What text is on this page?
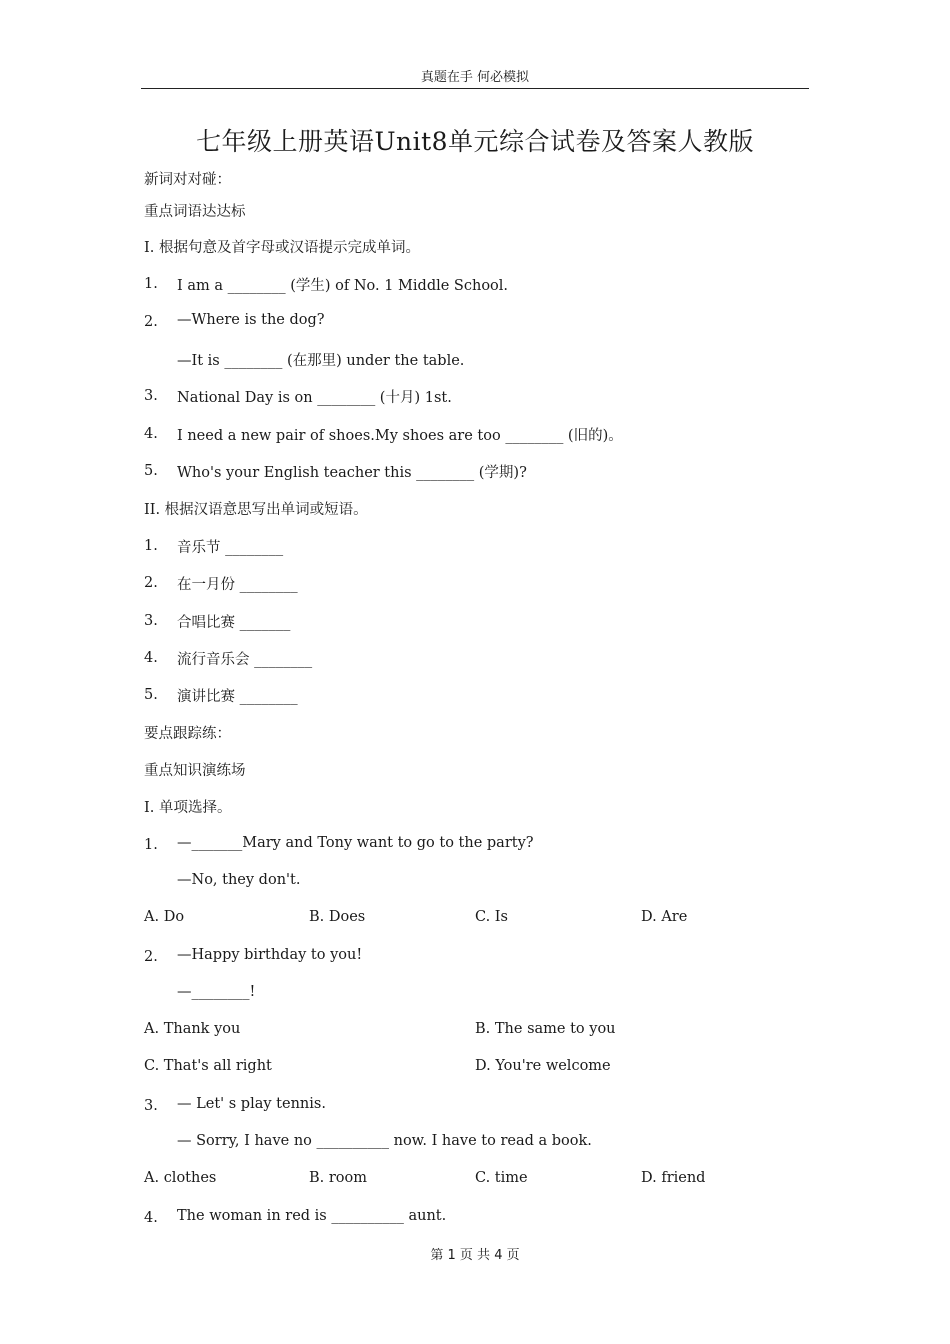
真题在手 何必模拟
七年级上册英语Unit8单元综合试卷及答案人教版
新词对对碰：
重点词语达达标
I. 根据句意及首字母或汉语提示完成单词。
1. I am a ________ (学生) of No. 1 Middle School.
2. —Where is the dog?
—It is ________ (在那里) under the table.
3. National Day is on ________ (十月) 1st.
4. I need a new pair of shoes.My shoes are too ________ (旧的)。
5. Who's your English teacher this ________ (学期)?
II. 根据汉语意思写出单词或短语。
1. 音乐节 ________
2. 在一月份 ________
3. 合唱比赛 _______
4. 流行音乐会 ________
5. 演讲比赛 ________
要点跟踪练：
重点知识演练场
I. 单项选择。
1. —_______Mary and Tony want to go to the party?
—No, they don't.
A. Do	B. Does	C. Is	D. Are
2. —Happy birthday to you!
—________!
A. Thank you	B. The same to you
C. That's all right	D. You're welcome
3. — Let' s play tennis.
— Sorry, I have no __________ now. I have to read a book.
A. clothes	B. room	C. time	D. friend
4. The woman in red is __________ aunt.
第 1 页 共 4 页
